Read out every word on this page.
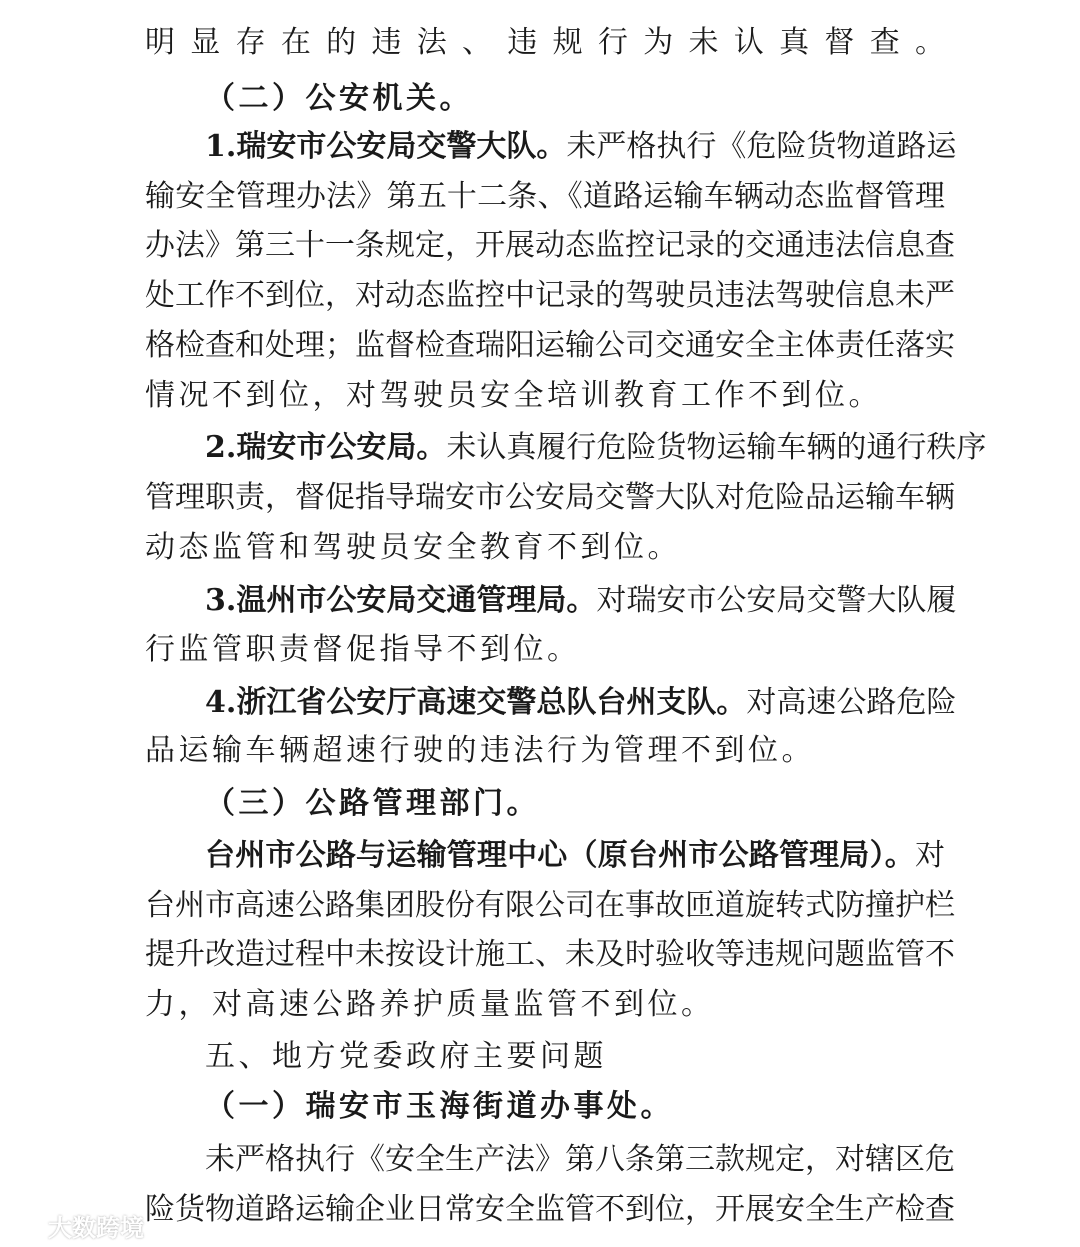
明显存在的违法、违规行为未认真督查。
（二）公安机关。
1.瑞安市公安局交警大队。未严格执行《危险货物道路运
输安全管理办法》第五十二条、《道路运输车辆动态监督管理
办法》第三十一条规定，开展动态监控记录的交通违法信息查
处工作不到位，对动态监控中记录的驾驶员违法驾驶信息未严
格检查和处理；监督检查瑞阳运输公司交通安全主体责任落实
情况不到位，对驾驶员安全培训教育工作不到位。
2.瑞安市公安局。未认真履行危险货物运输车辆的通行秩序
管理职责，督促指导瑞安市公安局交警大队对危险品运输车辆
动态监管和驾驶员安全教育不到位。
3.温州市公安局交通管理局。对瑞安市公安局交警大队履
行监管职责督促指导不到位。
4.浙江省公安厅高速交警总队台州支队。对高速公路危险
品运输车辆超速行驶的违法行为管理不到位。
（三）公路管理部门。
台州市公路与运输管理中心（原台州市公路管理局）。对
台州市高速公路集团股份有限公司在事故匝道旋转式防撞护栏
提升改造过程中未按设计施工、未及时验收等违规问题监管不
力，对高速公路养护质量监管不到位。
五、地方党委政府主要问题
（一）瑞安市玉海街道办事处。
未严格执行《安全生产法》第八条第三款规定，对辖区危
险货物道路运输企业日常安全监管不到位，开展安全生产检查
大数跨境
